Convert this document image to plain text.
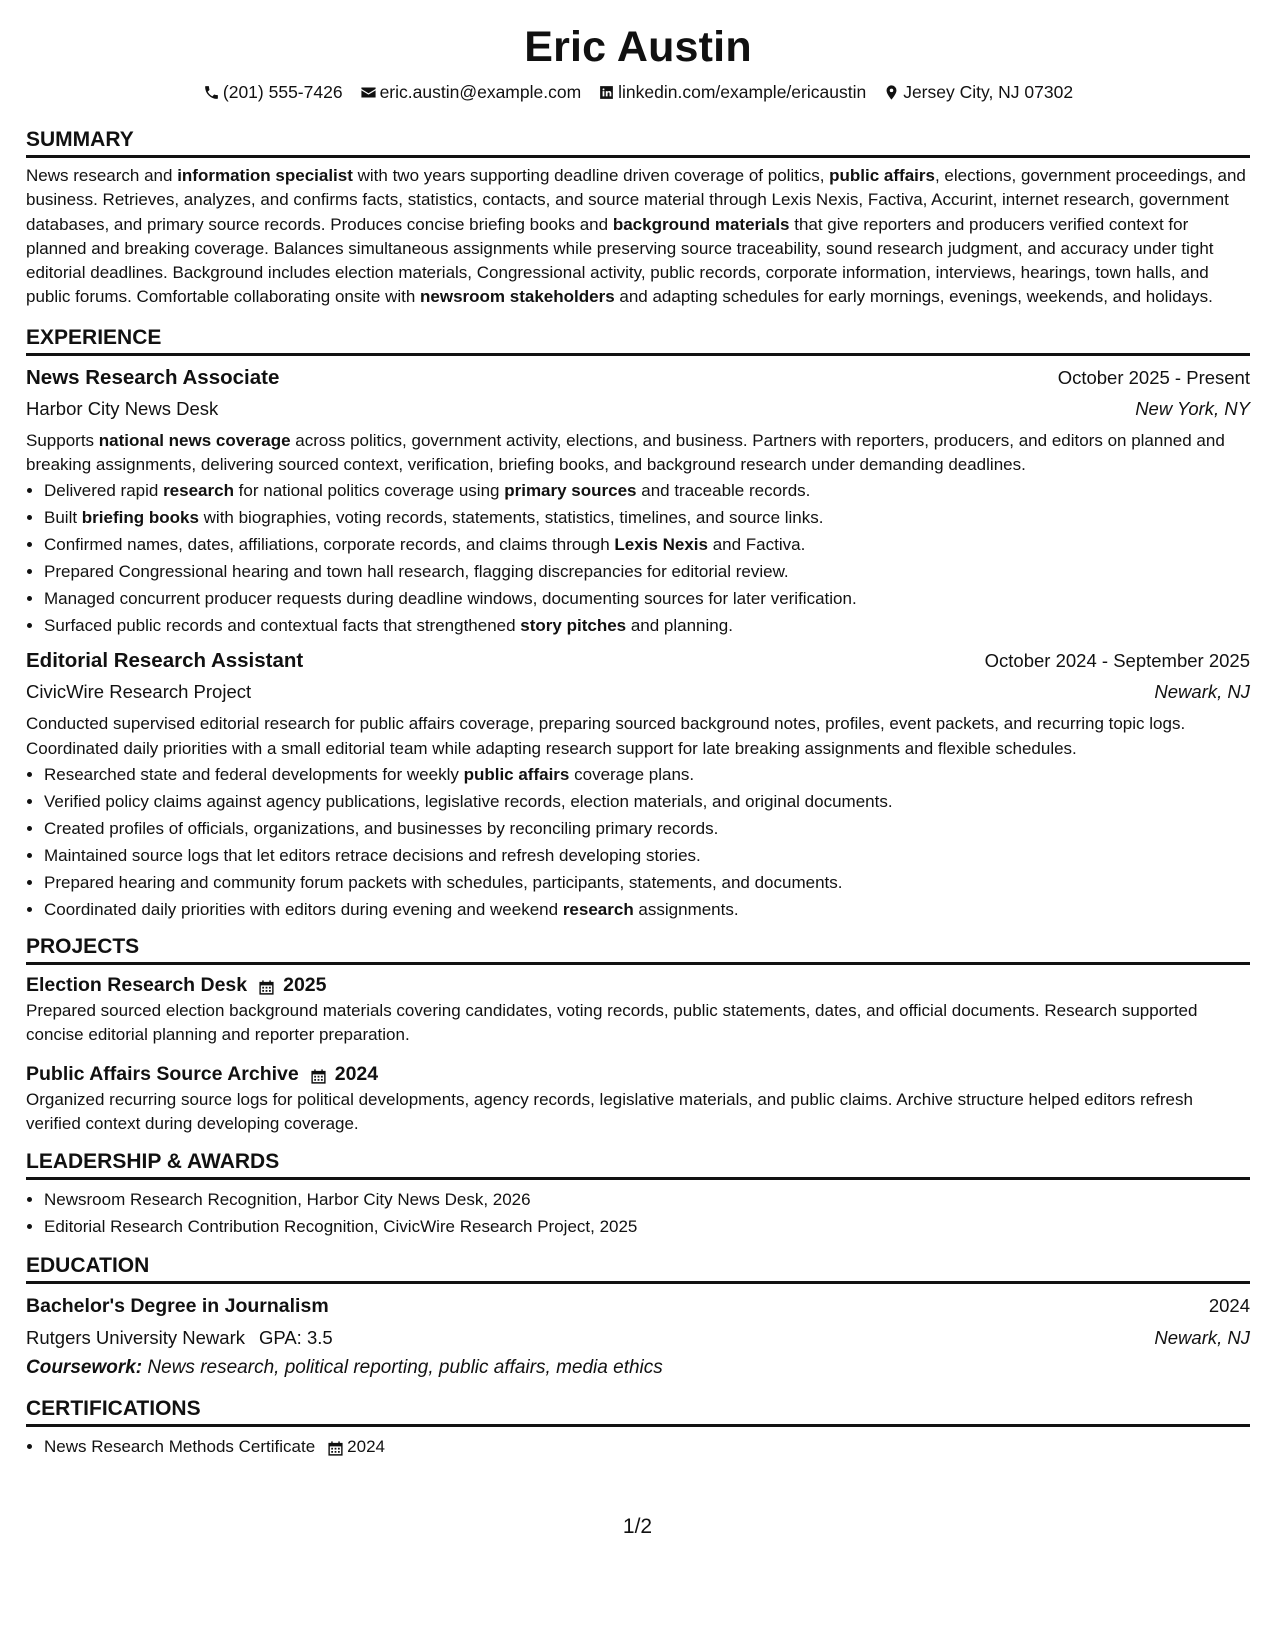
Eric Austin
(201) 555-7426 eric.austin@example.com linkedin.com/example/ericaustin Jersey City, NJ 07302
SUMMARY

News research and information specialist with two years supporting deadline driven coverage of politics, public affairs, elections, government proceedings, and business. Retrieves, analyzes, and confirms facts, statistics, contacts, and source material through Lexis Nexis, Factiva, Accurint, internet research, government databases, and primary source records. Produces concise briefing books and background materials that give reporters and producers verified context for planned and breaking coverage. Balances simultaneous assignments while preserving source traceability, sound research judgment, and accuracy under tight editorial deadlines. Background includes election materials, Congressional activity, public records, corporate information, interviews, hearings, town halls, and public forums. Comfortable collaborating onsite with newsroom stakeholders and adapting schedules for early mornings, evenings, weekends, and holidays.

EXPERIENCE
News Research Associate	October 2025 - Present
Harbor City News Desk	New York, NY

Supports national news coverage across politics, government activity, elections, and business. Partners with reporters, producers, and editors on planned and breaking assignments, delivering sourced context, verification, briefing books, and background research under demanding deadlines.

• Delivered rapid research for national politics coverage using primary sources and traceable records.
• Built briefing books with biographies, voting records, statements, statistics, timelines, and source links.
• Confirmed names, dates, affiliations, corporate records, and claims through Lexis Nexis and Factiva.
• Prepared Congressional hearing and town hall research, flagging discrepancies for editorial review.
• Managed concurrent producer requests during deadline windows, documenting sources for later verification.
• Surfaced public records and contextual facts that strengthened story pitches and planning.
Editorial Research Assistant	October 2024 - September 2025
CivicWire Research Project	Newark, NJ

Conducted supervised editorial research for public affairs coverage, preparing sourced background notes, profiles, event packets, and recurring topic logs. Coordinated daily priorities with a small editorial team while adapting research support for late breaking assignments and flexible schedules.

• Researched state and federal developments for weekly public affairs coverage plans.
• Verified policy claims against agency publications, legislative records, election materials, and original documents.
• Created profiles of officials, organizations, and businesses by reconciling primary records.
• Maintained source logs that let editors retrace decisions and refresh developing stories.
• Prepared hearing and community forum packets with schedules, participants, statements, and documents.
• Coordinated daily priorities with editors during evening and weekend research assignments.
PROJECTS
Election Research Desk 2025

Prepared sourced election background materials covering candidates, voting records, public statements, dates, and official documents. Research supported concise editorial planning and reporter preparation.

Public Affairs Source Archive 2024

Organized recurring source logs for political developments, agency records, legislative materials, and public claims. Archive structure helped editors refresh verified context during developing coverage.

LEADERSHIP & AWARDS
• Newsroom Research Recognition, Harbor City News Desk, 2026
• Editorial Research Contribution Recognition, CivicWire Research Project, 2025
EDUCATION
Bachelor's Degree in Journalism	2024
Rutgers University Newark GPA: 3.5	Newark, NJ
Coursework: News research, political reporting, public affairs, media ethics
CERTIFICATIONS
• News Research Methods Certificate 2024
1/2
